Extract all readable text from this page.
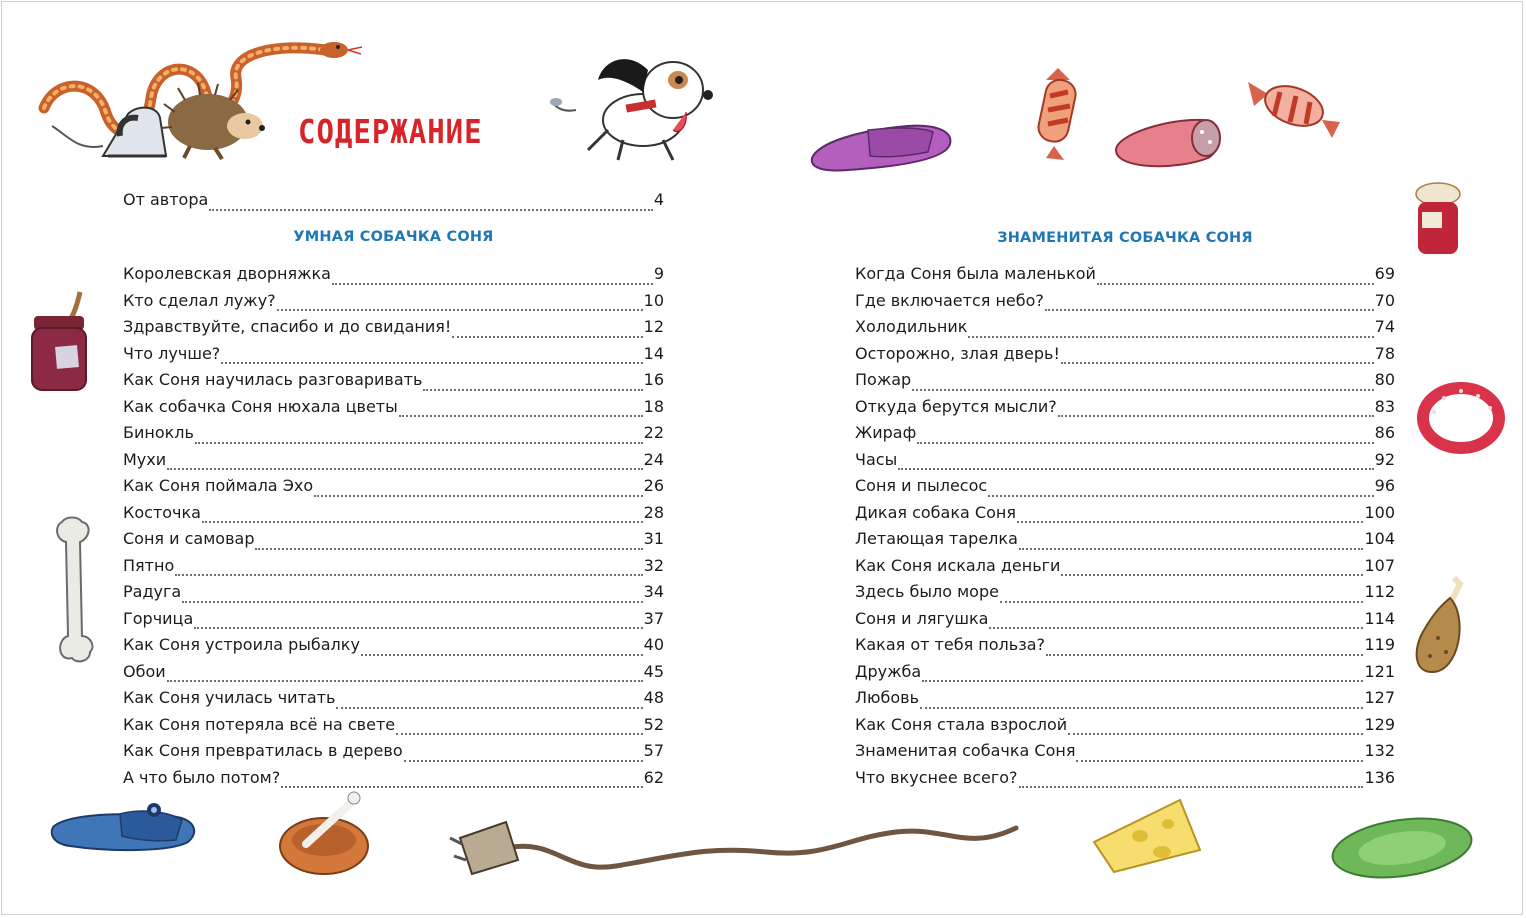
СОДЕРЖАНИЕ
От автора	4
УМНАЯ СОБАЧКА СОНЯ	ЗНАМЕНИТАЯ СОБАЧКА СОНЯ
Королевская дворняжка	9
Кто сделал лужу?	10
Здравствуйте, спасибо и до свидания!	12
Что лучше?	14
Как Соня научилась разговаривать	16
Как собачка Соня нюхала цветы	18
Бинокль	22
Мухи	24
Как Соня поймала Эхо	26
Косточка	28
Соня и самовар	31
Пятно	32
Радуга	34
Горчица	37
Как Соня устроила рыбалку	40
Обои	45
Как Соня училась читать	48
Как Соня потеряла всё на свете	52
Как Соня превратилась в дерево	57
А что было потом?	62
Когда Соня была маленькой	69
Где включается небо?	70
Холодильник	74
Осторожно, злая дверь!	78
Пожар	80
Откуда берутся мысли?	83
Жираф	86
Часы	92
Соня и пылесос	96
Дикая собака Соня	100
Летающая тарелка	104
Как Соня искала деньги	107
Здесь было море	112
Соня и лягушка	114
Какая от тебя польза?	119
Дружба	121
Любовь	127
Как Соня стала взрослой	129
Знаменитая собачка Соня	132
Что вкуснее всего?	136
